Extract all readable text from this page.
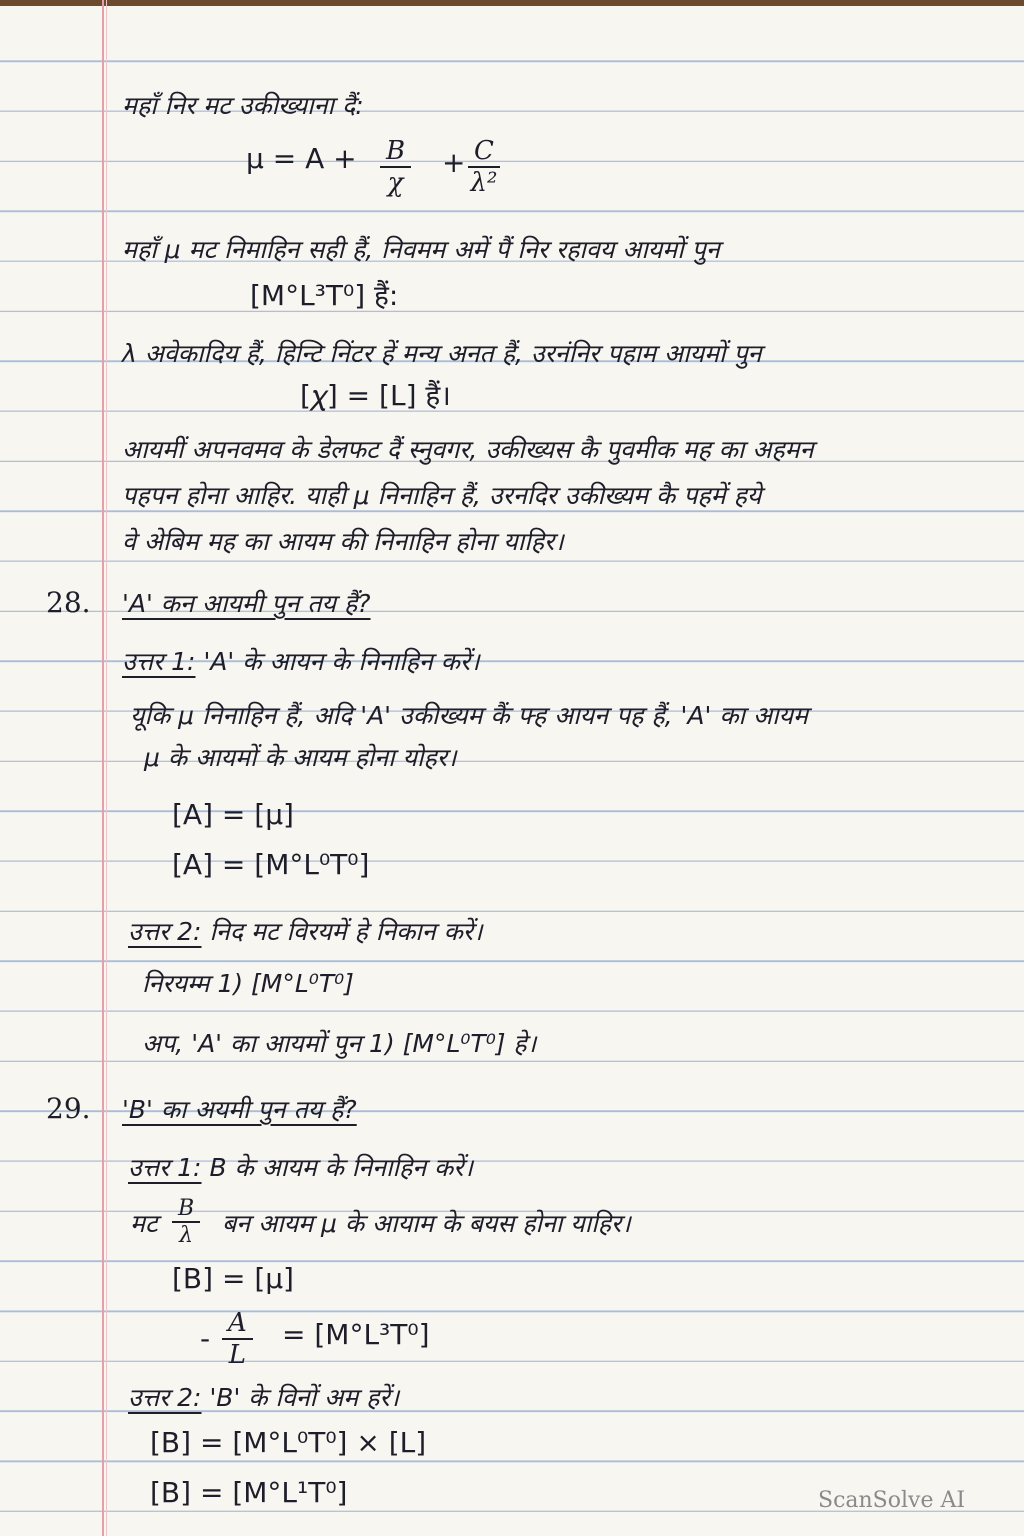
महाँ निर मट उकीख्याना दैं:
μ = A + B
𝜒
+ $\frac{C}{\text{λ²}}$
महाँ μ मट निमाहिन सही हैं, निवमम अमें पैं निर रहावय आयमों पुन
[M°L³T⁰] हैं:
λ अवेकादिय हैं, हिन्टि निंटर हें मन्य अनत हैं, उरनंनिर पहाम आयमों पुन
[𝜒] = [L] हैं।
आयमीं अपनवमव के डेलफट दैं स्नुवगर, उकीख्यस कै पुवमीक मह का अहमन
पहपन होना आहिर. याही μ निनाहिन हैं, उरनदिर उकीख्यम कै पहमें हये
वे अेबिम मह का आयम की निनाहिन होना याहिर।
28. 'A' कन आयमी पुन तय हैं?
उत्तर 1: 'A' के आयन के निनाहिन करें।
यूकि μ निनाहिन हैं, अदि 'A' उकीख्यम कैं फ्ह आयन पह हैं, 'A' का आयम
μ के आयमों के आयम होना योहर।
[A] = [μ]
[A] = [M°L⁰T⁰]
उत्तर 2: निद मट विरयमें हे निकान करें।
निरयम्म 1) [M°L⁰T⁰]
अप, 'A' का आयमों पुन 1) [M°L⁰T⁰] हे।
29. 'B' का अयमी पुन तय हैं?
उत्तर 1: B के आयम के निनाहिन करें।
मट $\frac{B}{\lambda}$ बन आयम μ के आयाम के बयस होना याहिर।
[B] = [μ]
- $\frac{A}{L} = [M^\circ L^3T^0]$
उत्तर 2: 'B' के विनों अम हरें।
[B] = [M°L⁰T⁰] × [L]
[B] = [M°L¹T⁰]	ScanSolve AI
